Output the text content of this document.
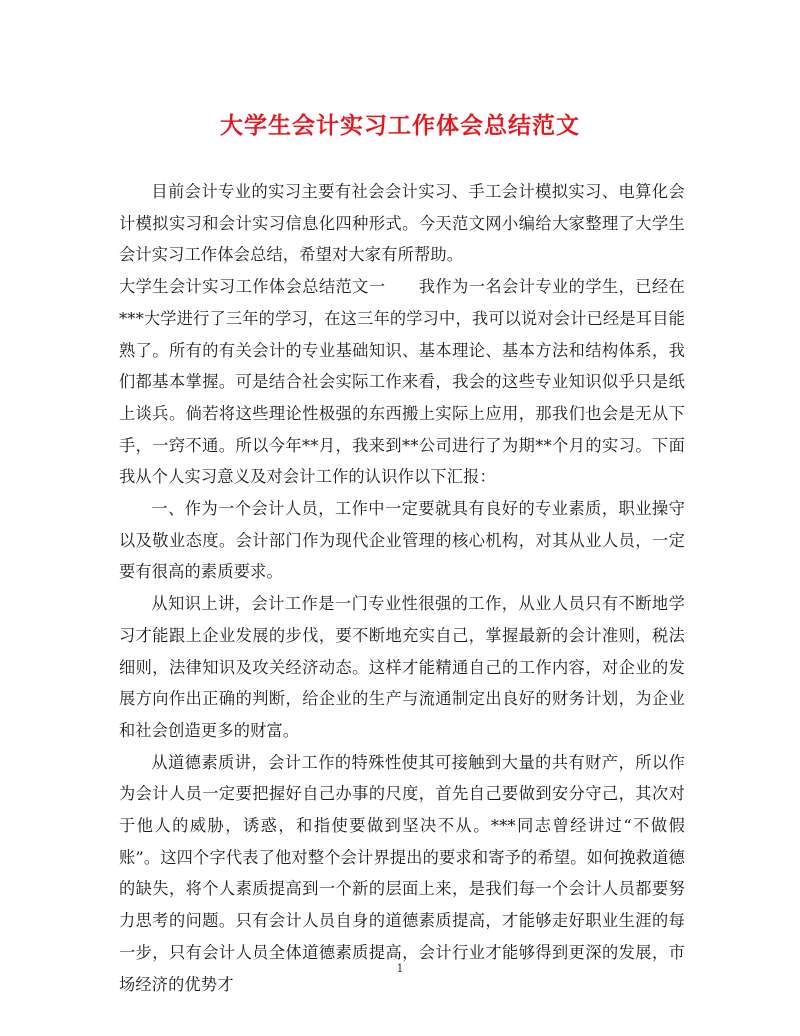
大学生会计实习工作体会总结范文

目前会计专业的实习主要有社会会计实习、手工会计模拟实习、电算化会计模拟实习和会计实习信息化四种形式。今天范文网小编给大家整理了大学生会计实习工作体会总结，希望对大家有所帮助。

大学生会计实习工作体会总结范文一　　我作为一名会计专业的学生，已经在***大学进行了三年的学习，在这三年的学习中，我可以说对会计已经是耳目能熟了。所有的有关会计的专业基础知识、基本理论、基本方法和结构体系，我们都基本掌握。可是结合社会实际工作来看，我会的这些专业知识似乎只是纸上谈兵。倘若将这些理论性极强的东西搬上实际上应用，那我们也会是无从下手，一窍不通。所以今年**月，我来到**公司进行了为期**个月的实习。下面我从个人实习意义及对会计工作的认识作以下汇报：

一、作为一个会计人员，工作中一定要就具有良好的专业素质，职业操守以及敬业态度。会计部门作为现代企业管理的核心机构，对其从业人员，一定要有很高的素质要求。

从知识上讲，会计工作是一门专业性很强的工作，从业人员只有不断地学习才能跟上企业发展的步伐，要不断地充实自己，掌握最新的会计准则，税法细则，法律知识及攻关经济动态。这样才能精通自己的工作内容，对企业的发展方向作出正确的判断，给企业的生产与流通制定出良好的财务计划，为企业和社会创造更多的财富。

从道德素质讲，会计工作的特殊性使其可接触到大量的共有财产，所以作为会计人员一定要把握好自己办事的尺度，首先自己要做到安分守己，其次对于他人的威胁，诱惑，和指使要做到坚决不从。***同志曾经讲过“不做假账”。这四个字代表了他对整个会计界提出的要求和寄予的希望。如何挽救道德的缺失，将个人素质提高到一个新的层面上来，是我们每一个会计人员都要努力思考的问题。只有会计人员自身的道德素质提高，才能够走好职业生涯的每一步，只有会计人员全体道德素质提高，会计行业才能够得到更深的发展，市场经济的优势才

1
